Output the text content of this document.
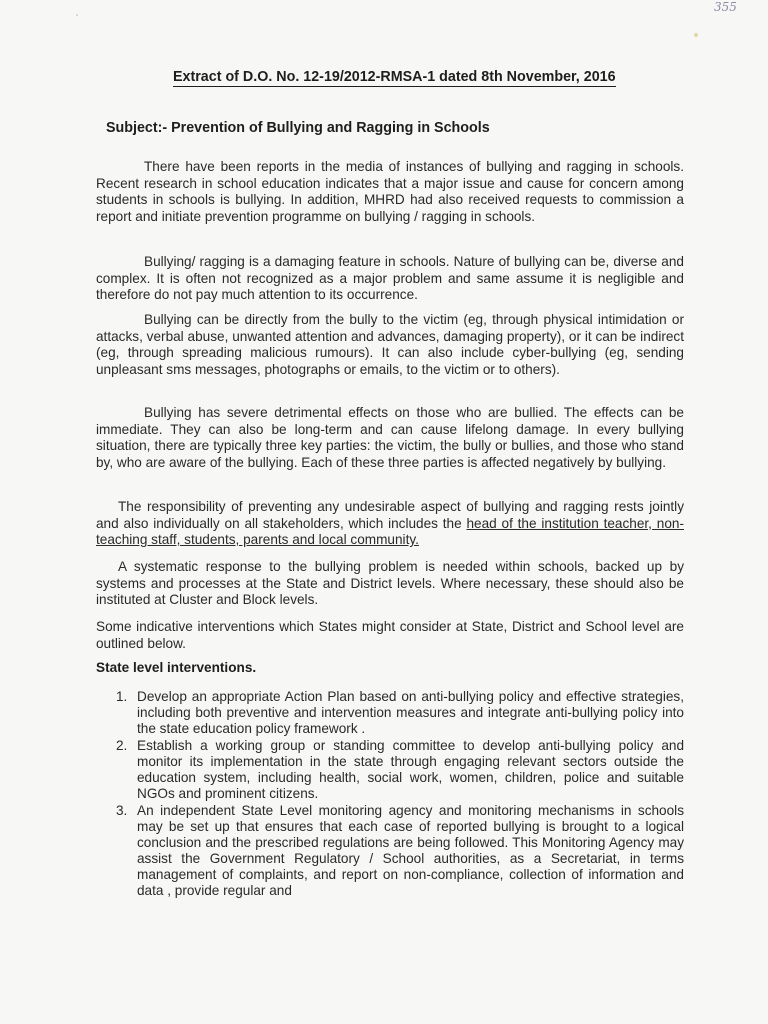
355
Extract of D.O. No. 12-19/2012-RMSA-1 dated 8th November, 2016
Subject:- Prevention of Bullying and Ragging in Schools

There have been reports in the media of instances of bullying and ragging in schools. Recent research in school education indicates that a major issue and cause for concern among students in schools is bullying. In addition, MHRD had also received requests to commission a report and initiate prevention programme on bullying / ragging in schools.

Bullying/ ragging is a damaging feature in schools. Nature of bullying can be, diverse and complex. It is often not recognized as a major problem and same assume it is negligible and therefore do not pay much attention to its occurrence.

Bullying can be directly from the bully to the victim (eg, through physical intimidation or attacks, verbal abuse, unwanted attention and advances, damaging property), or it can be indirect (eg, through spreading malicious rumours). It can also include cyber-bullying (eg, sending unpleasant sms messages, photographs or emails, to the victim or to others).

Bullying has severe detrimental effects on those who are bullied. The effects can be immediate. They can also be long-term and can cause lifelong damage. In every bullying situation, there are typically three key parties: the victim, the bully or bullies, and those who stand by, who are aware of the bullying. Each of these three parties is affected negatively by bullying.

The responsibility of preventing any undesirable aspect of bullying and ragging rests jointly and also individually on all stakeholders, which includes the head of the institution teacher, non- teaching staff, students, parents and local community.

A systematic response to the bullying problem is needed within schools, backed up by systems and processes at the State and District levels. Where necessary, these should also be instituted at Cluster and Block levels.

Some indicative interventions which States might consider at State, District and School level are outlined below.

State level interventions.
1. Develop an appropriate Action Plan based on anti-bullying policy and effective strategies, including both preventive and intervention measures and integrate anti-bullying policy into the state education policy framework .
2. Establish a working group or standing committee to develop anti-bullying policy and monitor its implementation in the state through engaging relevant sectors outside the education system, including health, social work, women, children, police and suitable NGOs and prominent citizens.
3. An independent State Level monitoring agency and monitoring mechanisms in schools may be set up that ensures that each case of reported bullying is brought to a logical conclusion and the prescribed regulations are being followed. This Monitoring Agency may assist the Government Regulatory / School authorities, as a Secretariat, in terms management of complaints, and report on non-compliance, collection of information and data , provide regular and
